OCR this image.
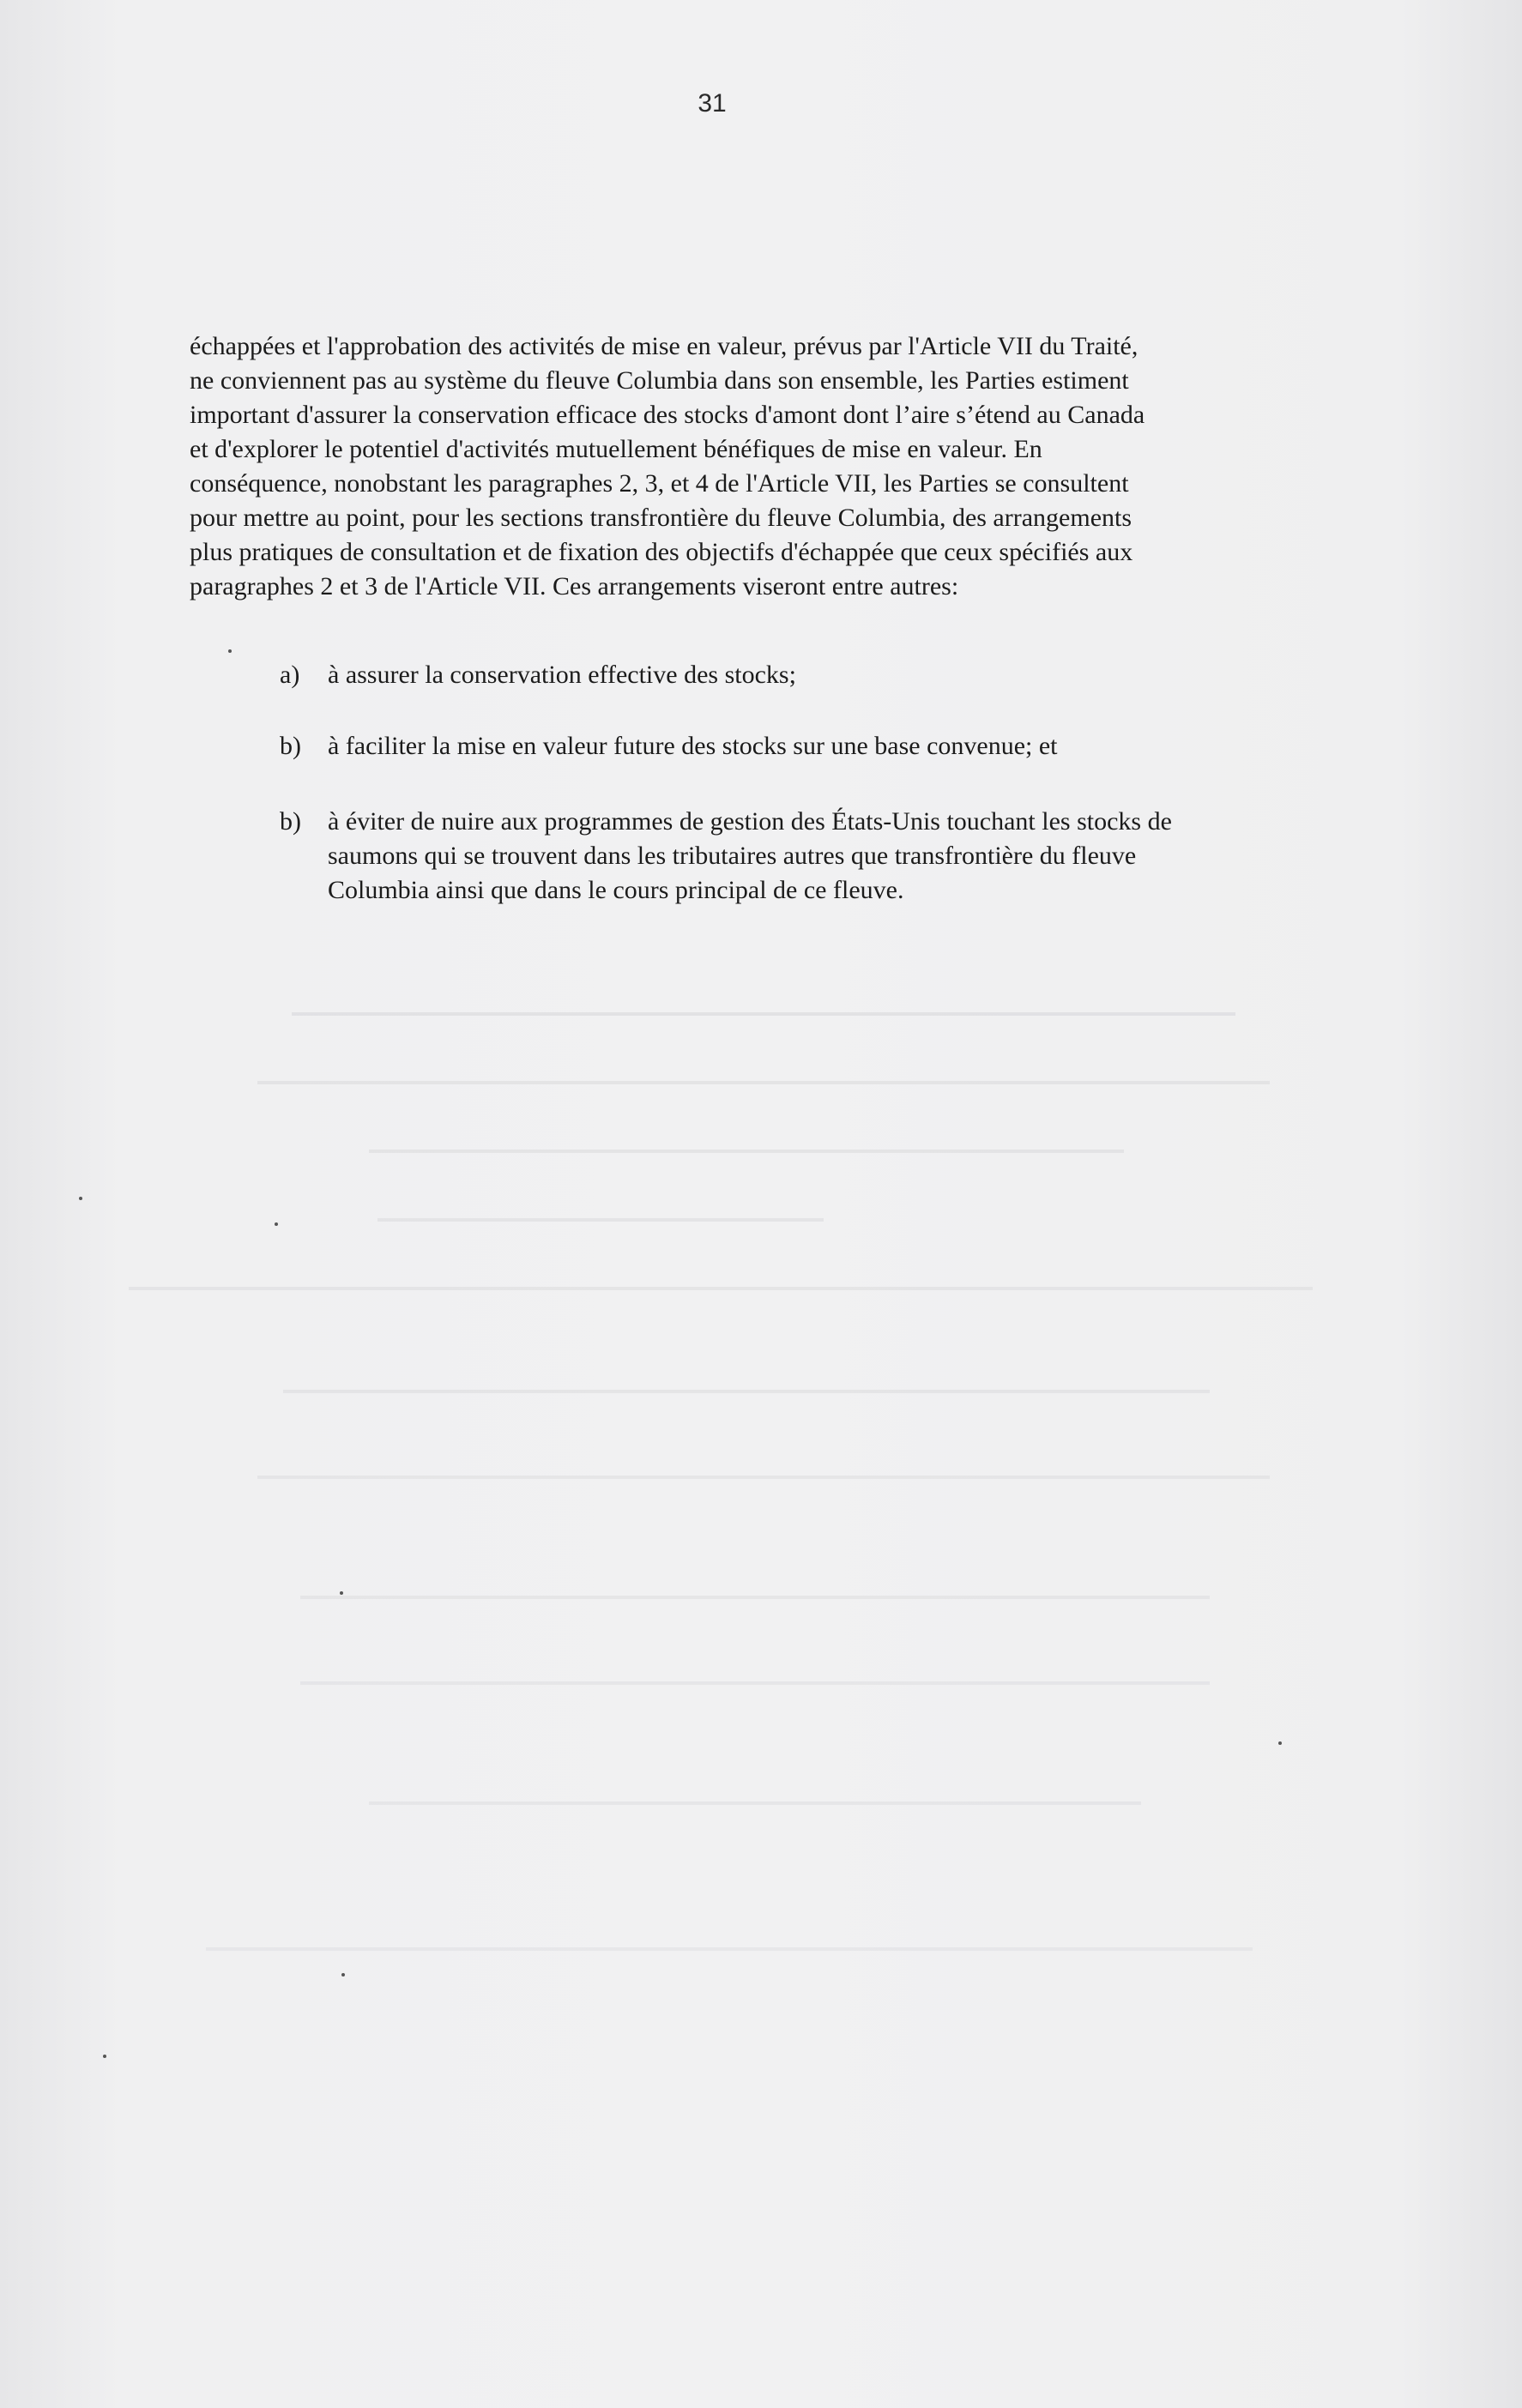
31
échappées et l'approbation des activités de mise en valeur, prévus par l'Article VII du Traité,
ne conviennent pas au système du fleuve Columbia dans son ensemble, les Parties estiment
important d'assurer la conservation efficace des stocks d'amont dont l’aire s’étend au Canada
et d'explorer le potentiel d'activités mutuellement bénéfiques de mise en valeur. En
conséquence, nonobstant les paragraphes 2, 3, et 4 de l'Article VII, les Parties se consultent
pour mettre au point, pour les sections transfrontière du fleuve Columbia, des arrangements
plus pratiques de consultation et de fixation des objectifs d'échappée que ceux spécifiés aux
paragraphes 2 et 3 de l'Article VII. Ces arrangements viseront entre autres:
a)	à assurer la conservation effective des stocks;
b)	à faciliter la mise en valeur future des stocks sur une base convenue; et
b)	à éviter de nuire aux programmes de gestion des États-Unis touchant les stocks de
saumons qui se trouvent dans les tributaires autres que transfrontière du fleuve
Columbia ainsi que dans le cours principal de ce fleuve.
